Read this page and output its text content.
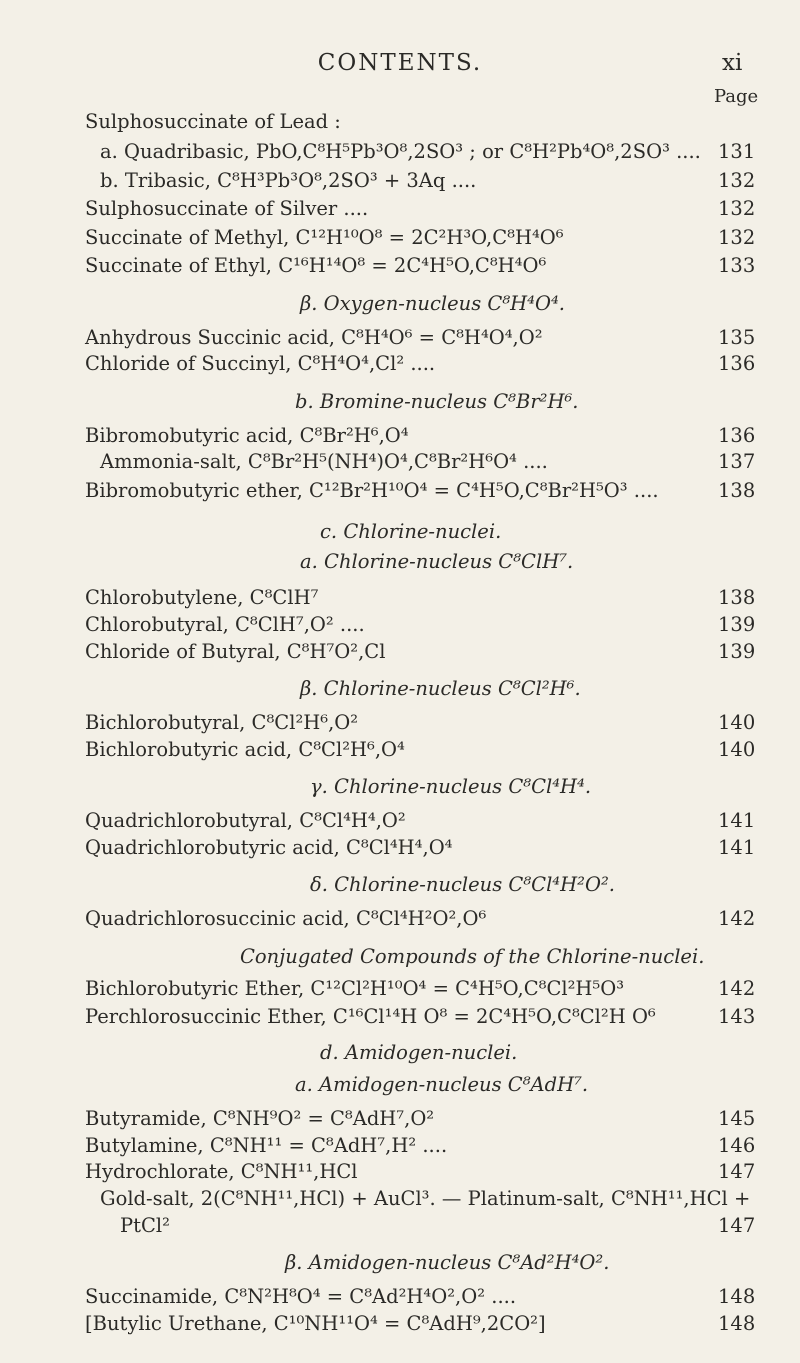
CONTENTS.	xi
Page
Sulphosuccinate of Lead :
a. Quadribasic, PbO,C⁸H⁵Pb³O⁸,2SO³ ; or C⁸H²Pb⁴O⁸,2SO³ .... 131
b. Tribasic, C⁸H³Pb³O⁸,2SO³ + 3Aq ....	132
Sulphosuccinate of Silver ....	132
Succinate of Methyl, C¹²H¹⁰O⁸ = 2C²H³O,C⁸H⁴O⁶	132
Succinate of Ethyl, C¹⁶H¹⁴O⁸ = 2C⁴H⁵O,C⁸H⁴O⁶	133
β. Oxygen-nucleus C⁸H⁴O⁴.
Anhydrous Succinic acid, C⁸H⁴O⁶ = C⁸H⁴O⁴,O²	135
Chloride of Succinyl, C⁸H⁴O⁴,Cl² ....	136
b. Bromine-nucleus C⁸Br²H⁶.
Bibromobutyric acid, C⁸Br²H⁶,O⁴	136
Ammonia-salt, C⁸Br²H⁵(NH⁴)O⁴,C⁸Br²H⁶O⁴ ....	137
Bibromobutyric ether, C¹²Br²H¹⁰O⁴ = C⁴H⁵O,C⁸Br²H⁵O³ ....	138
c. Chlorine-nuclei.
a. Chlorine-nucleus C⁸ClH⁷.
Chlorobutylene, C⁸ClH⁷	138
Chlorobutyral, C⁸ClH⁷,O² ....	139
Chloride of Butyral, C⁸H⁷O²,Cl	139
β. Chlorine-nucleus C⁸Cl²H⁶.
Bichlorobutyral, C⁸Cl²H⁶,O²	140
Bichlorobutyric acid, C⁸Cl²H⁶,O⁴	140
γ. Chlorine-nucleus C⁸Cl⁴H⁴.
Quadrichlorobutyral, C⁸Cl⁴H⁴,O²	141
Quadrichlorobutyric acid, C⁸Cl⁴H⁴,O⁴	141
δ. Chlorine-nucleus C⁸Cl⁴H²O².
Quadrichlorosuccinic acid, C⁸Cl⁴H²O²,O⁶	142
Conjugated Compounds of the Chlorine-nuclei.
Bichlorobutyric Ether, C¹²Cl²H¹⁰O⁴ = C⁴H⁵O,C⁸Cl²H⁵O³	142
Perchlorosuccinic Ether, C¹⁶Cl¹⁴H O⁸ = 2C⁴H⁵O,C⁸Cl²H O⁶	143
d. Amidogen-nuclei.
a. Amidogen-nucleus C⁸AdH⁷.
Butyramide, C⁸NH⁹O² = C⁸AdH⁷,O²	145
Butylamine, C⁸NH¹¹ = C⁸AdH⁷,H² ....	146
Hydrochlorate, C⁸NH¹¹,HCl	147
Gold-salt, 2(C⁸NH¹¹,HCl) + AuCl³. — Platinum-salt, C⁸NH¹¹,HCl +
PtCl²	147
β. Amidogen-nucleus C⁸Ad²H⁴O².
Succinamide, C⁸N²H⁸O⁴ = C⁸Ad²H⁴O²,O² ....	148
[Butylic Urethane, C¹⁰NH¹¹O⁴ = C⁸AdH⁹,2CO²]	148
